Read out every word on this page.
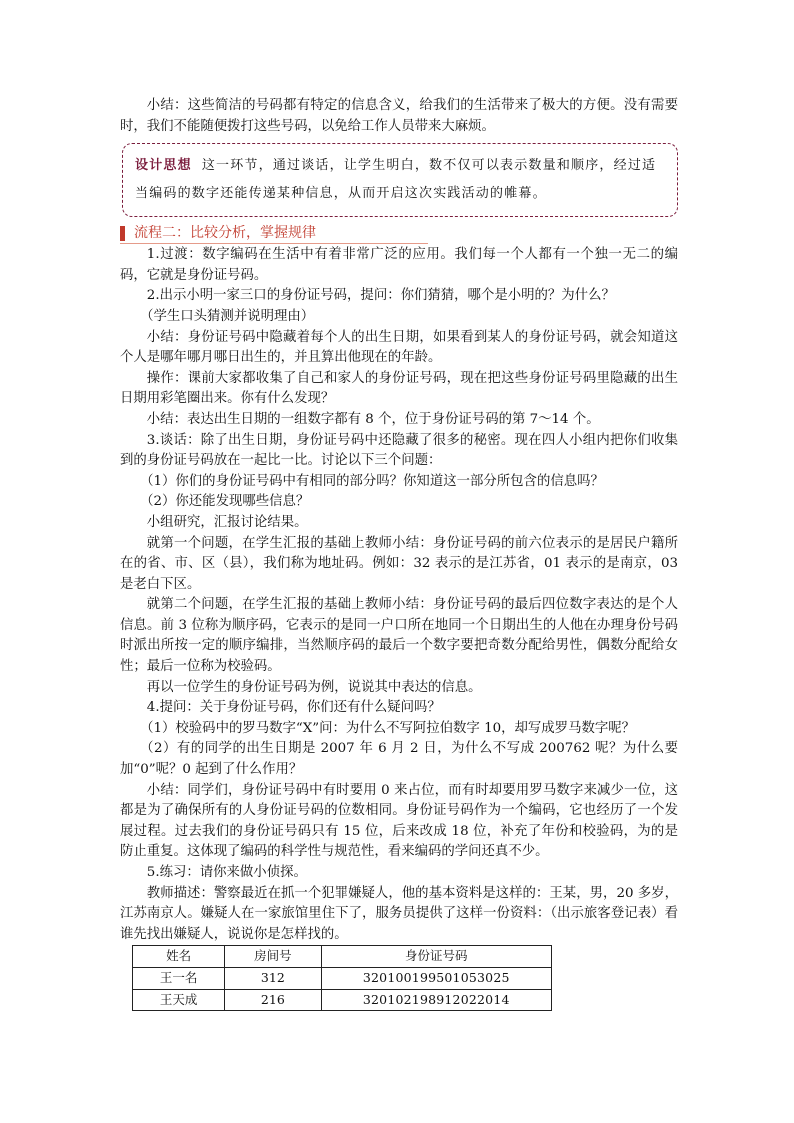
小结：这些简洁的号码都有特定的信息含义，给我们的生活带来了极大的方便。没有需要时，我们不能随便拨打这些号码，以免给工作人员带来大麻烦。

设计思想 这一环节，通过谈话，让学生明白，数不仅可以表示数量和顺序，经过适当编码的数字还能传递某种信息，从而开启这次实践活动的帷幕。
流程二：比较分析，掌握规律

1.过渡：数字编码在生活中有着非常广泛的应用。我们每一个人都有一个独一无二的编码，它就是身份证号码。

2.出示小明一家三口的身份证号码，提问：你们猜猜，哪个是小明的？为什么？

（学生口头猜测并说明理由）

小结：身份证号码中隐藏着每个人的出生日期，如果看到某人的身份证号码，就会知道这个人是哪年哪月哪日出生的，并且算出他现在的年龄。

操作：课前大家都收集了自己和家人的身份证号码，现在把这些身份证号码里隐藏的出生日期用彩笔圈出来。你有什么发现？

小结：表达出生日期的一组数字都有 8 个，位于身份证号码的第 7～14 个。

3.谈话：除了出生日期，身份证号码中还隐藏了很多的秘密。现在四人小组内把你们收集到的身份证号码放在一起比一比。讨论以下三个问题：

（1）你们的身份证号码中有相同的部分吗？你知道这一部分所包含的信息吗？

（2）你还能发现哪些信息？

小组研究，汇报讨论结果。

就第一个问题，在学生汇报的基础上教师小结：身份证号码的前六位表示的是居民户籍所在的省、市、区（县），我们称为地址码。例如：32 表示的是江苏省，01 表示的是南京，03 是老白下区。

就第二个问题，在学生汇报的基础上教师小结：身份证号码的最后四位数字表达的是个人信息。前 3 位称为顺序码，它表示的是同一户口所在地同一个日期出生的人他在办理身份号码时派出所按一定的顺序编排，当然顺序码的最后一个数字要把奇数分配给男性，偶数分配给女性；最后一位称为校验码。

再以一位学生的身份证号码为例，说说其中表达的信息。

4.提问：关于身份证号码，你们还有什么疑问吗？

（1）校验码中的罗马数字“X”问：为什么不写阿拉伯数字 10，却写成罗马数字呢？

（2）有的同学的出生日期是 2007 年 6 月 2 日，为什么不写成 200762 呢？为什么要加“0”呢？0 起到了什么作用？

小结：同学们，身份证号码中有时要用 0 来占位，而有时却要用罗马数字来减少一位，这都是为了确保所有的人身份证号码的位数相同。身份证号码作为一个编码，它也经历了一个发展过程。过去我们的身份证号码只有 15 位，后来改成 18 位，补充了年份和校验码，为的是防止重复。这体现了编码的科学性与规范性，看来编码的学问还真不少。

5.练习：请你来做小侦探。

教师描述：警察最近在抓一个犯罪嫌疑人，他的基本资料是这样的：王某，男，20 多岁，江苏南京人。嫌疑人在一家旅馆里住下了，服务员提供了这样一份资料：（出示旅客登记表）看谁先找出嫌疑人，说说你是怎样找的。

姓名	房间号	身份证号码
王一名	312	320100199501053025
王天成	216	320102198912022014
